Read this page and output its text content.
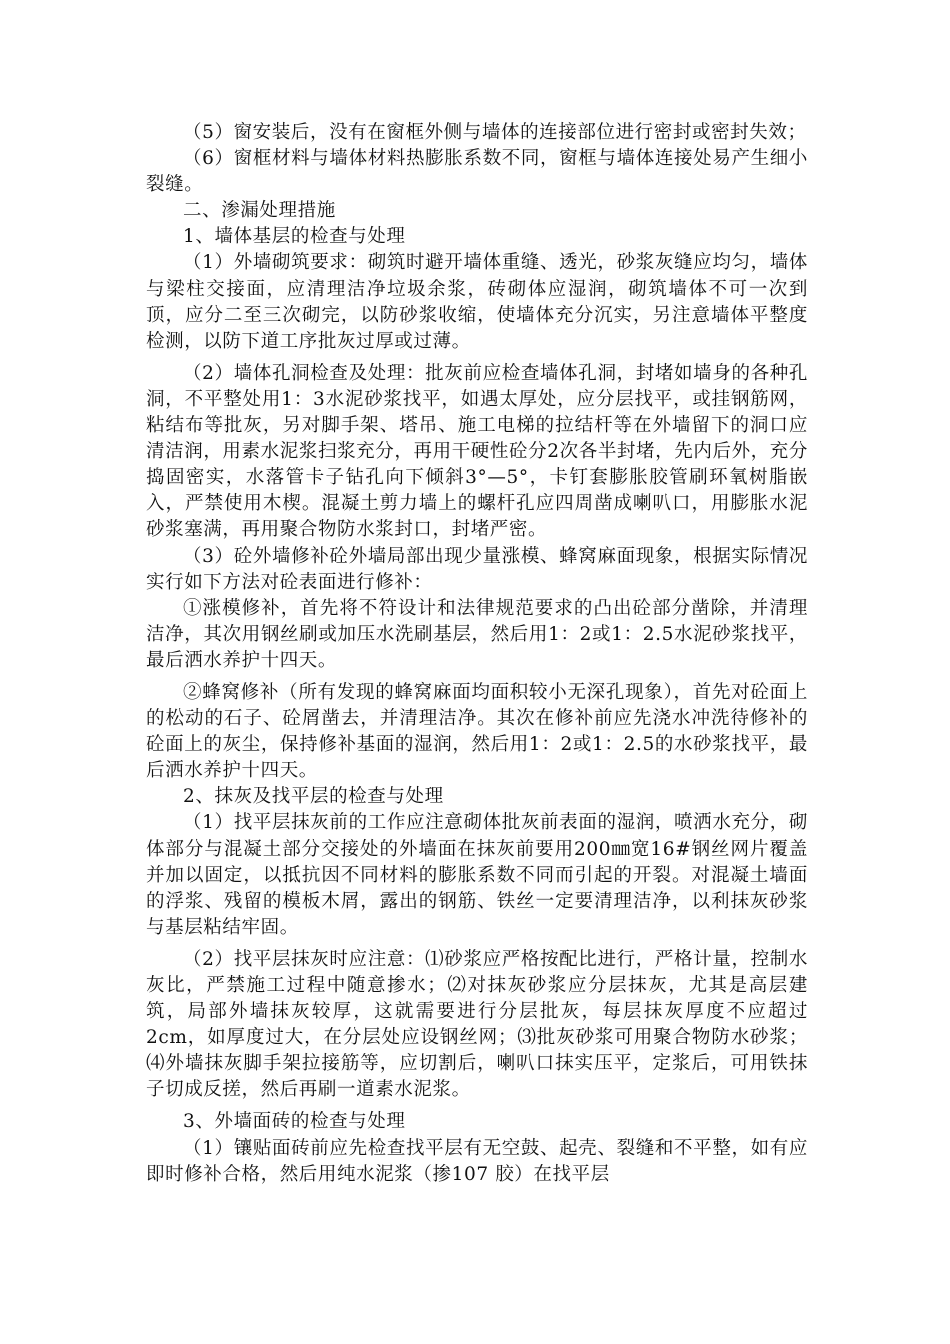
（5）窗安装后，没有在窗框外侧与墙体的连接部位进行密封或密封失效；

（6）窗框材料与墙体材料热膨胀系数不同，窗框与墙体连接处易产生细小裂缝。

二、渗漏处理措施

1、墙体基层的检查与处理

（1）外墙砌筑要求：砌筑时避开墙体重缝、透光，砂浆灰缝应均匀，墙体与梁柱交接面，应清理洁净垃圾余浆，砖砌体应湿润，砌筑墙体不可一次到顶，应分二至三次砌完，以防砂浆收缩，使墙体充分沉实，另注意墙体平整度检测，以防下道工序批灰过厚或过薄。

（2）墙体孔洞检查及处理：批灰前应检查墙体孔洞，封堵如墙身的各种孔洞，不平整处用1：3水泥砂浆找平，如遇太厚处，应分层找平，或挂钢筋网，粘结布等批灰，另对脚手架、塔吊、施工电梯的拉结杆等在外墙留下的洞口应清洁润，用素水泥浆扫浆充分，再用干硬性砼分2次各半封堵，先内后外，充分捣固密实，水落管卡子钻孔向下倾斜3°—5°，卡钉套膨胀胶管刷环氧树脂嵌入，严禁使用木楔。混凝土剪力墙上的螺杆孔应四周凿成喇叭口，用膨胀水泥砂浆塞满，再用聚合物防水浆封口，封堵严密。

（3）砼外墙修补砼外墙局部出现少量涨模、蜂窝麻面现象，根据实际情况实行如下方法对砼表面进行修补：

①涨模修补，首先将不符设计和法律规范要求的凸出砼部分凿除，并清理洁净，其次用钢丝刷或加压水洗刷基层，然后用1：2或1：2.5水泥砂浆找平，最后洒水养护十四天。

②蜂窝修补（所有发现的蜂窝麻面均面积较小无深孔现象），首先对砼面上的松动的石子、砼屑凿去，并清理洁净。其次在修补前应先浇水冲洗待修补的砼面上的灰尘，保持修补基面的湿润，然后用1：2或1：2.5的水砂浆找平，最后洒水养护十四天。

2、抹灰及找平层的检查与处理

（1）找平层抹灰前的工作应注意砌体批灰前表面的湿润，喷洒水充分，砌体部分与混凝土部分交接处的外墙面在抹灰前要用200㎜宽16#钢丝网片覆盖并加以固定，以抵抗因不同材料的膨胀系数不同而引起的开裂。对混凝土墙面的浮浆、残留的模板木屑，露出的钢筋、铁丝一定要清理洁净，以利抹灰砂浆与基层粘结牢固。

（2）找平层抹灰时应注意：⑴砂浆应严格按配比进行，严格计量，控制水灰比，严禁施工过程中随意掺水；⑵对抹灰砂浆应分层抹灰，尤其是高层建筑，局部外墙抹灰较厚，这就需要进行分层批灰，每层抹灰厚度不应超过2cm，如厚度过大，在分层处应设钢丝网；⑶批灰砂浆可用聚合物防水砂浆；⑷外墙抹灰脚手架拉接筋等，应切割后，喇叭口抹实压平，定浆后，可用铁抹子切成反搓，然后再刷一道素水泥浆。

3、外墙面砖的检查与处理

（1）镶贴面砖前应先检查找平层有无空鼓、起壳、裂缝和不平整，如有应即时修补合格，然后用纯水泥浆（掺107 胶）在找平层
